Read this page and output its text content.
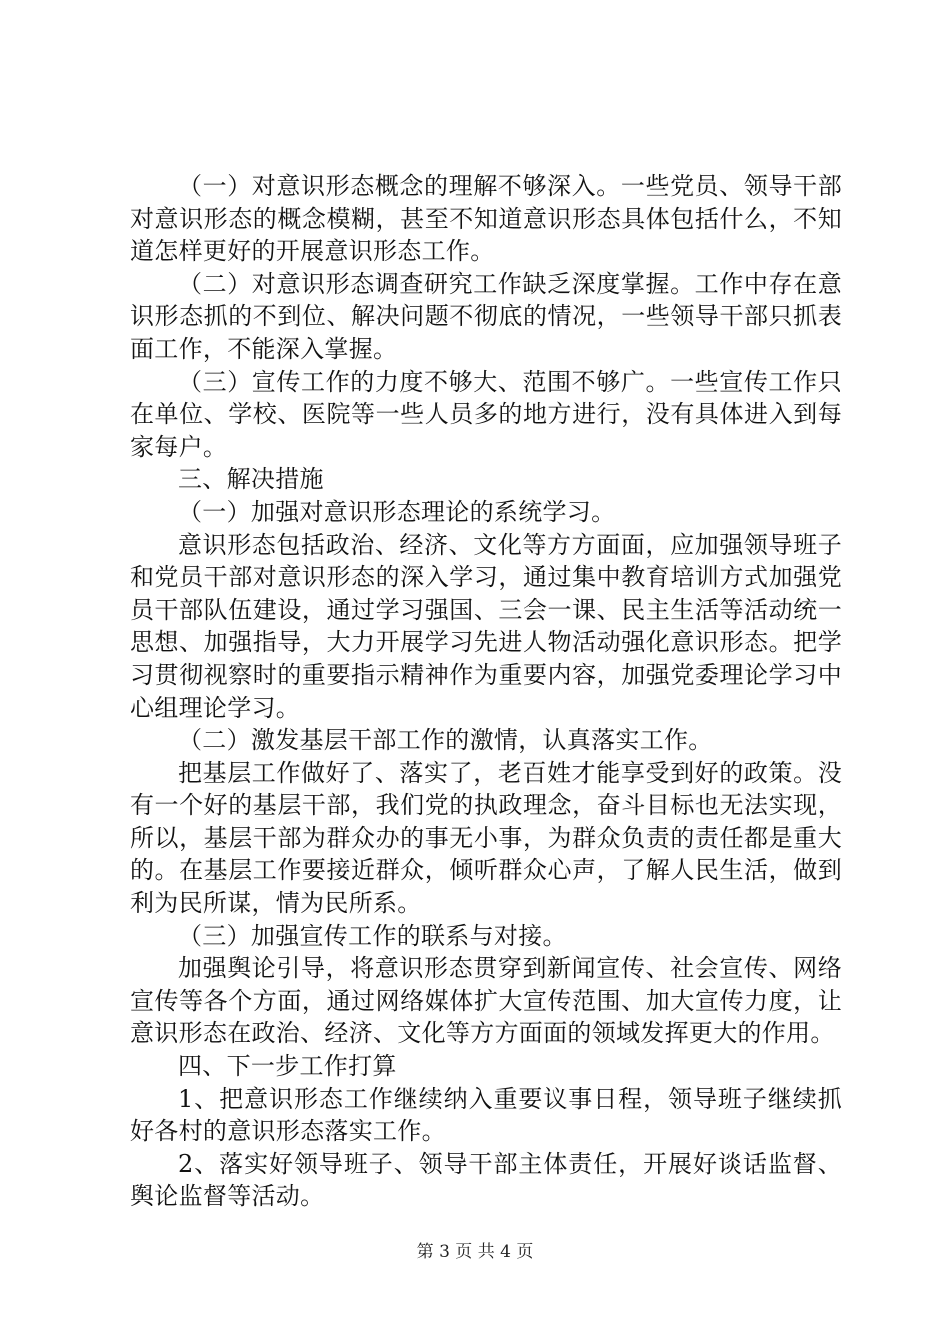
（一）对意识形态概念的理解不够深入。一些党员、领导干部对意识形态的概念模糊，甚至不知道意识形态具体包括什么，不知道怎样更好的开展意识形态工作。

（二）对意识形态调查研究工作缺乏深度掌握。工作中存在意识形态抓的不到位、解决问题不彻底的情况，一些领导干部只抓表面工作，不能深入掌握。

（三）宣传工作的力度不够大、范围不够广。一些宣传工作只在单位、学校、医院等一些人员多的地方进行，没有具体进入到每家每户。

三、解决措施

（一）加强对意识形态理论的系统学习。

意识形态包括政治、经济、文化等方方面面，应加强领导班子和党员干部对意识形态的深入学习，通过集中教育培训方式加强党员干部队伍建设，通过学习强国、三会一课、民主生活等活动统一思想、加强指导，大力开展学习先进人物活动强化意识形态。把学习贯彻视察时的重要指示精神作为重要内容，加强党委理论学习中心组理论学习。

（二）激发基层干部工作的激情，认真落实工作。

把基层工作做好了、落实了，老百姓才能享受到好的政策。没有一个好的基层干部，我们党的执政理念，奋斗目标也无法实现，所以，基层干部为群众办的事无小事，为群众负责的责任都是重大的。在基层工作要接近群众，倾听群众心声，了解人民生活，做到利为民所谋，情为民所系。

（三）加强宣传工作的联系与对接。

加强舆论引导，将意识形态贯穿到新闻宣传、社会宣传、网络宣传等各个方面，通过网络媒体扩大宣传范围、加大宣传力度，让意识形态在政治、经济、文化等方方面面的领域发挥更大的作用。

四、下一步工作打算

1、把意识形态工作继续纳入重要议事日程，领导班子继续抓好各村的意识形态落实工作。

2、落实好领导班子、领导干部主体责任，开展好谈话监督、舆论监督等活动。

第 3 页 共 4 页
